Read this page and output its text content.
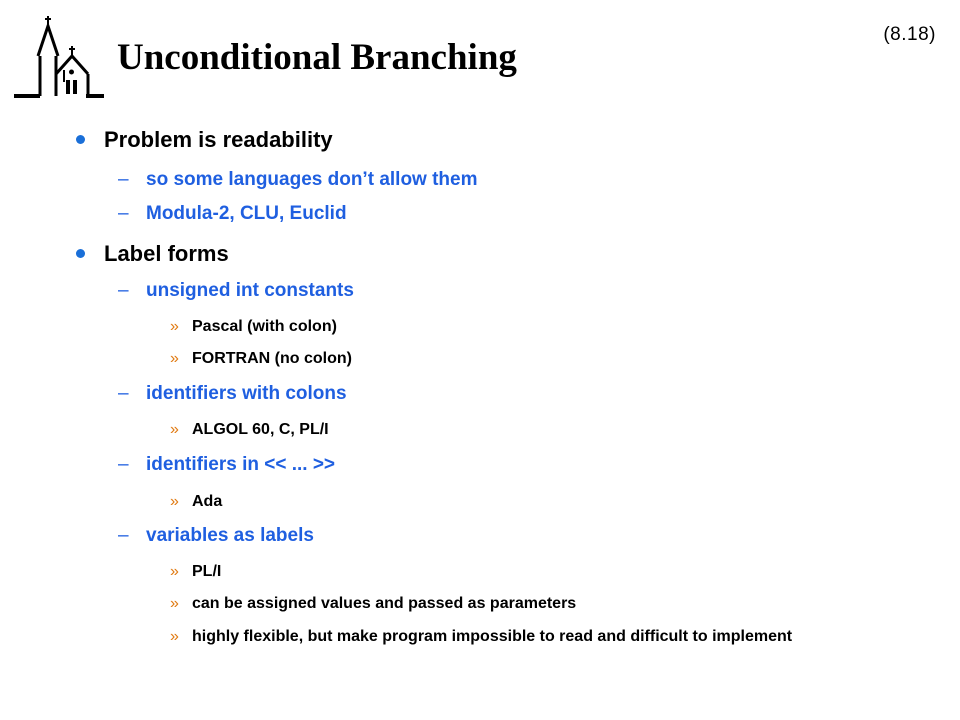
(8.18)
Unconditional Branching
Problem is readability
– so some languages don’t allow them
– Modula-2, CLU, Euclid
Label forms
– unsigned int constants
» Pascal (with colon)
» FORTRAN (no colon)
– identifiers with colons
» ALGOL 60, C, PL/I
– identifiers in << ... >>
» Ada
– variables as labels
» PL/I
» can be assigned values and passed as parameters
» highly flexible, but make program impossible to read and difficult to implement
